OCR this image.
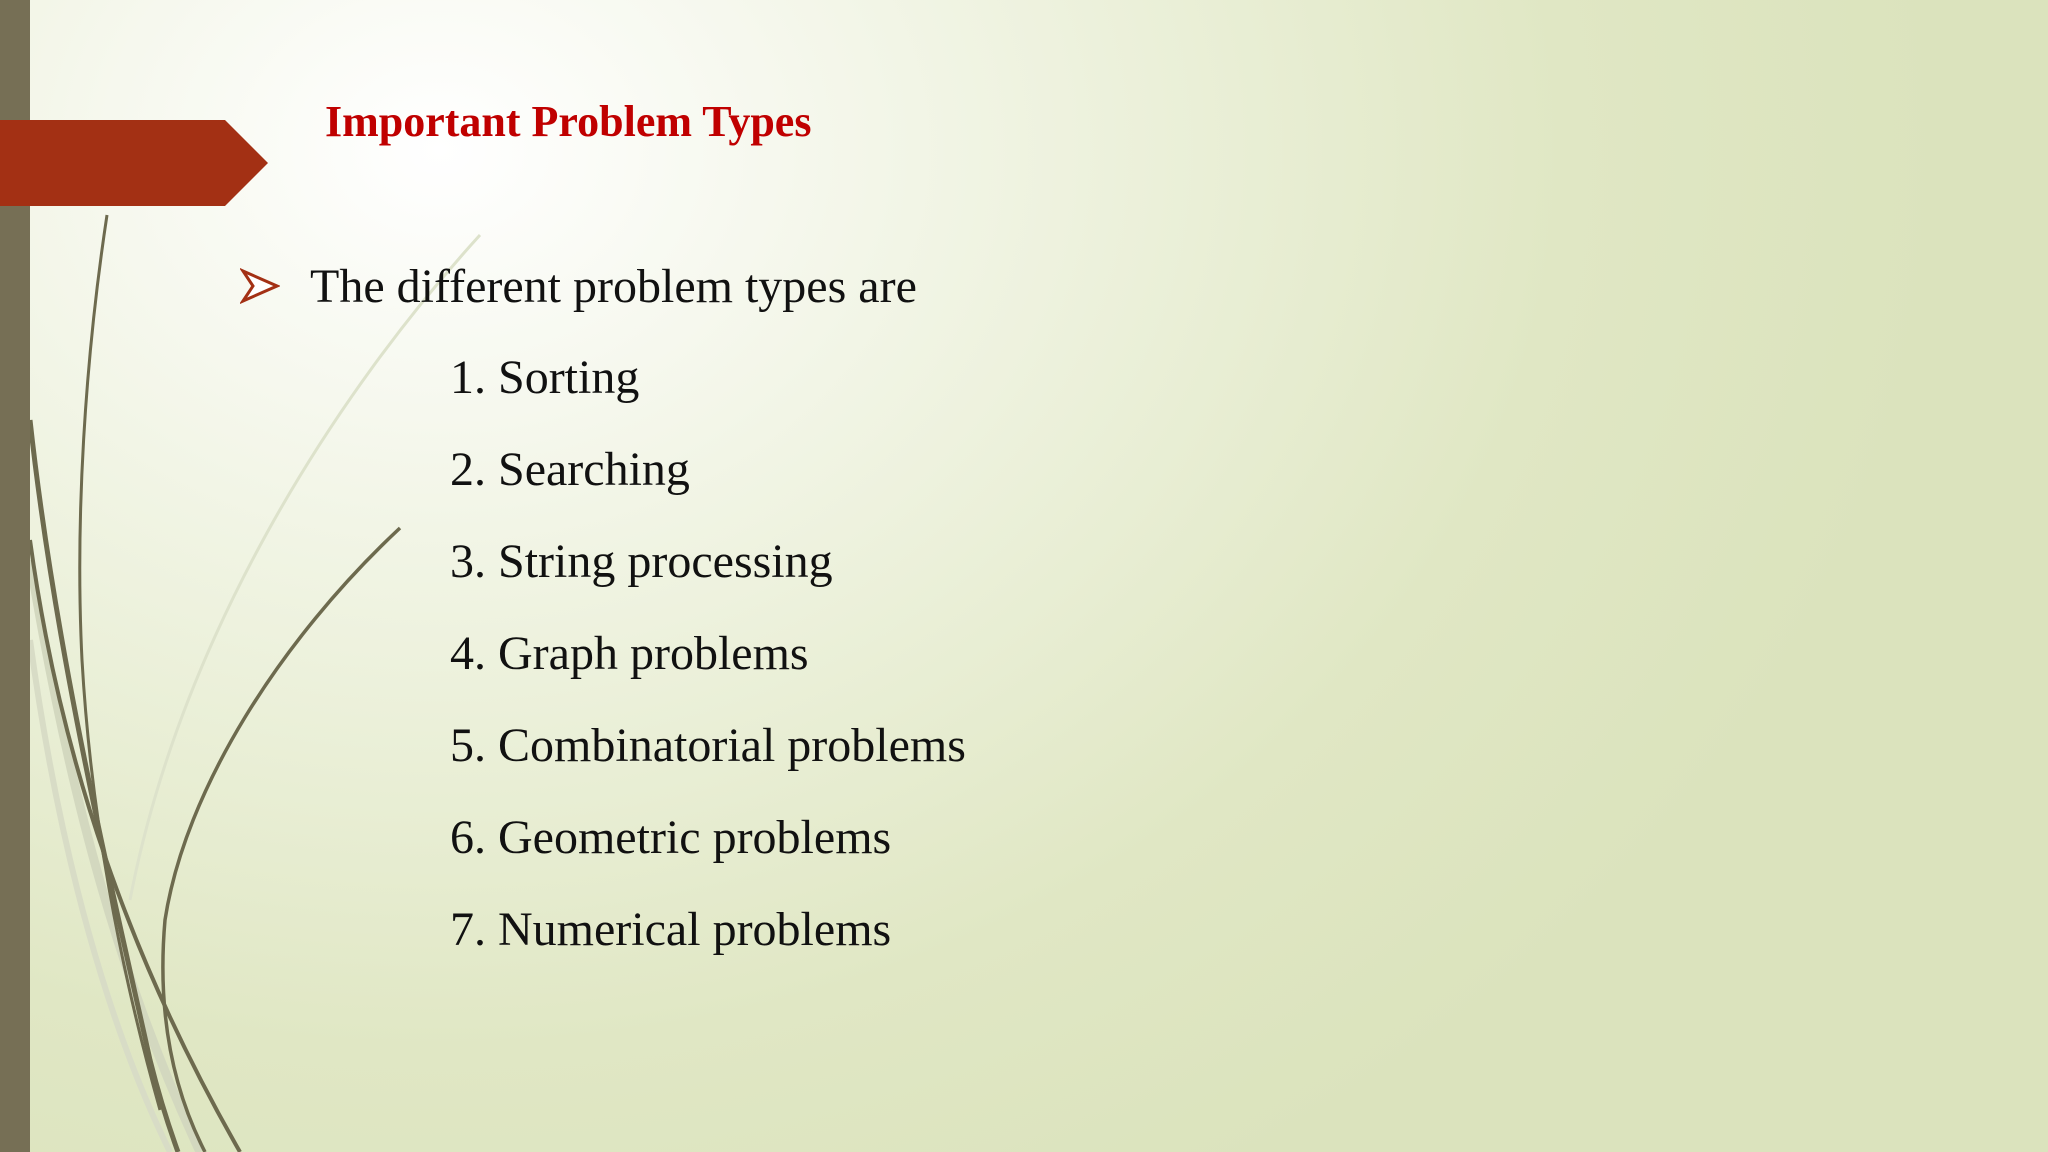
Important Problem Types
The different problem types are
1. Sorting
2. Searching
3. String processing
4. Graph problems
5. Combinatorial problems
6. Geometric problems
7. Numerical problems
